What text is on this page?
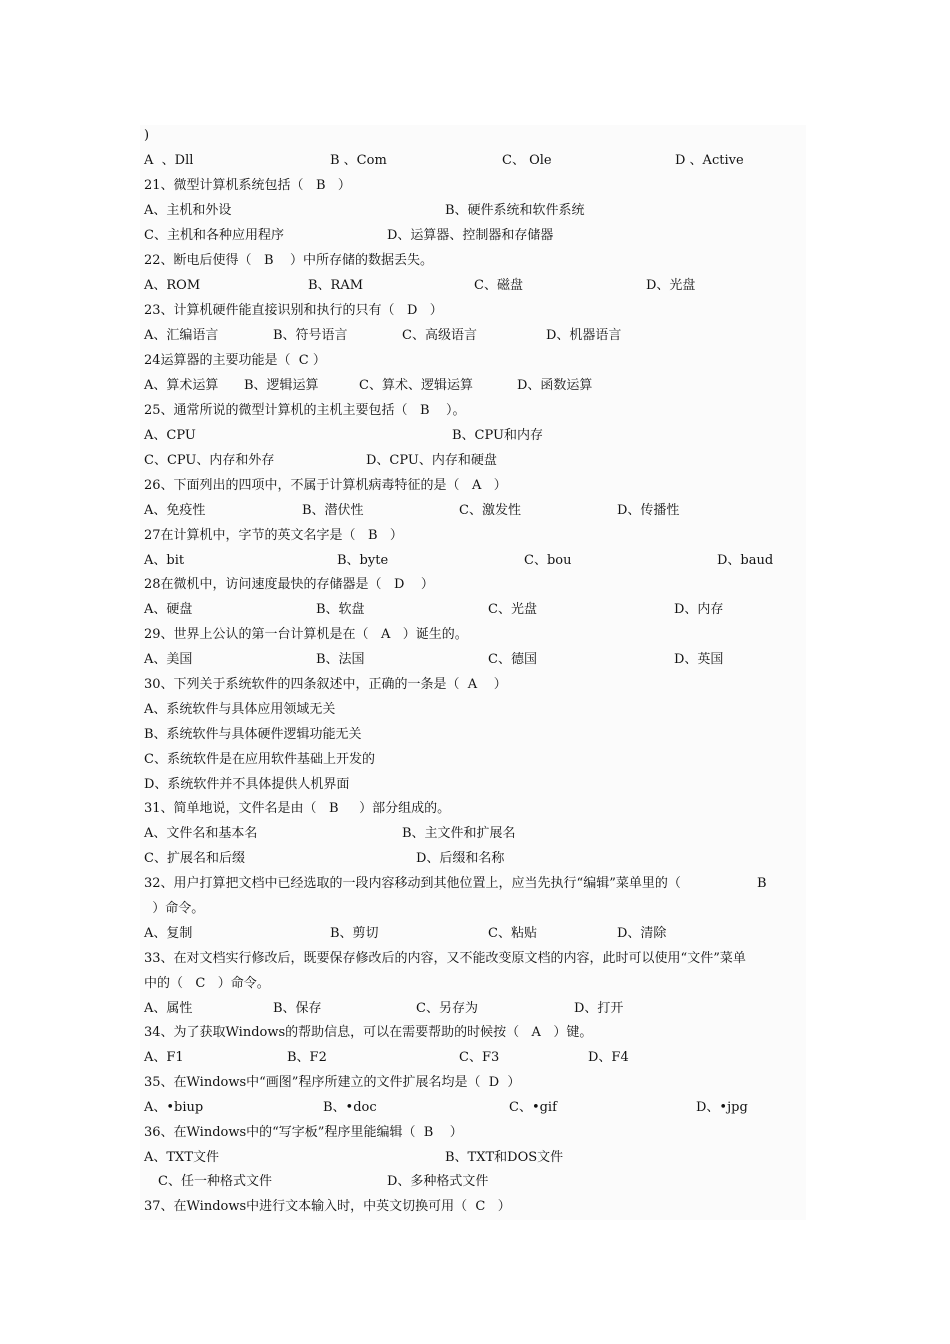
)

A  、Dll

	B 、Com

	C、 Ole

	D 、Active

21、微型计算机系统包括（   B   ）

A、主机和外设

	B、硬件系统和软件系统

C、主机和各种应用程序

	D、运算器、控制器和存储器

22、断电后使得（   B    ）中所存储的数据丢失。

A、ROM

	B、RAM

	C、磁盘

	D、光盘

23、计算机硬件能直接识别和执行的只有（   D   ）

A、汇编语言

	B、符号语言

	C、高级语言

	D、机器语言

24运算器的主要功能是（  C ）

A、算术运算

B、逻辑运算

	C、算术、逻辑运算

	D、函数运算

25、通常所说的微型计算机的主机主要包括（   B    ）。

A、CPU

	B、CPU和内存

C、CPU、内存和外存

	D、CPU、内存和硬盘

26、下面列出的四项中，不属于计算机病毒特征的是（   A   ）

A、免疫性

	B、潜伏性

	C、激发性

	D、传播性

27在计算机中，字节的英文名字是（   B   ）

A、bit

	B、byte

	C、bou

	D、baud

28在微机中，访问速度最快的存储器是（   D    ）

A、硬盘

	B、软盘

	C、光盘

	D、内存

29、世界上公认的第一台计算机是在（   A   ）诞生的。

A、美国

	B、法国

	C、德国

	D、英国

30、下列关于系统软件的四条叙述中，正确的一条是（  A    ）
A、系统软件与具体应用领域无关
B、系统软件与具体硬件逻辑功能无关
C、系统软件是在应用软件基础上开发的
D、系统软件并不具体提供人机界面
31、简单地说，文件名是由（   B     ）部分组成的。

A、文件名和基本名

	B、主文件和扩展名

C、扩展名和后缀

	D、后缀和名称

32、用户打算把文档中已经选取的一段内容移动到其他位置上，应当先执行“编辑”菜单里的（

	B

）命令。

A、复制

	B、剪切

	C、粘贴

	D、清除

33、在对文档实行修改后，既要保存修改后的内容，又不能改变原文档的内容，此时可以使用“文件”菜单
中的（   C   ）命令。

A、属性

	B、保存

	C、另存为

	D、打开

34、为了获取Windows的帮助信息，可以在需要帮助的时候按（   A   ）键。

A、F1

	B、F2

	C、F3

	D、F4

35、在Windows中“画图”程序所建立的文件扩展名均是（  D  ）

A、•biup

	B、•doc

	C、•gif

	D、•jpg

36、在Windows中的“写字板”程序里能编辑（  B    ）

A、TXT文件

	B、TXT和DOS文件

C、任一种格式文件

	D、多种格式文件

37、在Windows中进行文本输入时，中英文切换可用（  C   ）
